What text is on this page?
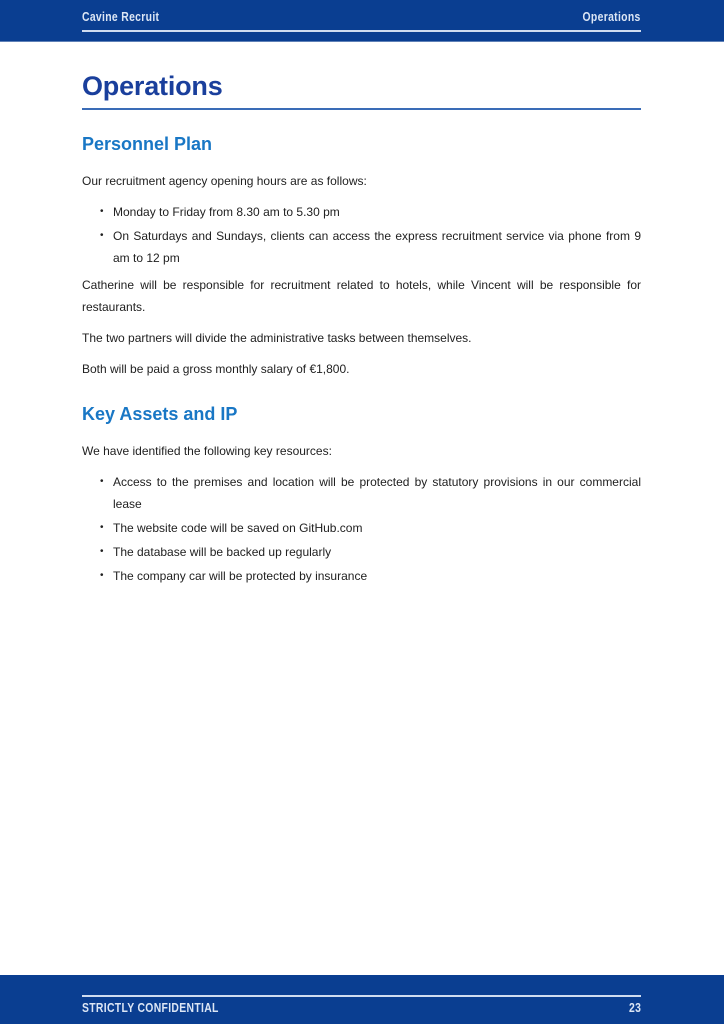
Cavine Recruit	Operations
Operations
Personnel Plan

Our recruitment agency opening hours are as follows:

• Monday to Friday from 8.30 am to 5.30 pm
• On Saturdays and Sundays, clients can access the express recruitment service via phone from 9 am to 12 pm

Catherine will be responsible for recruitment related to hotels, while Vincent will be responsible for restaurants.

The two partners will divide the administrative tasks between themselves.

Both will be paid a gross monthly salary of €1,800.

Key Assets and IP

We have identified the following key resources:

• Access to the premises and location will be protected by statutory provisions in our commercial lease
• The website code will be saved on GitHub.com
• The database will be backed up regularly
• The company car will be protected by insurance
STRICTLY CONFIDENTIAL	23
